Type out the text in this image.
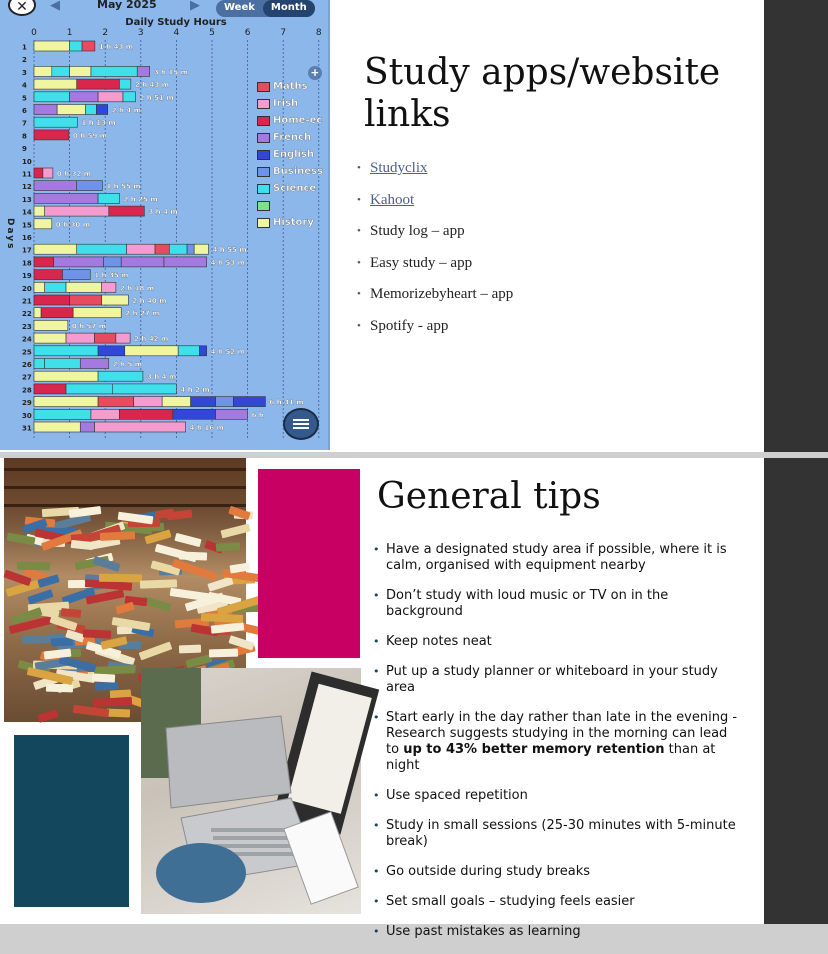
✕	◀	May 2025	▶	Week	Month
+
Daily Study Hours
0	1	2	3	4	5	6	7	8
Days
1	1 h 43 m
2
3	3 h 15 m
4	2 h 43 m
5	2 h 51 m
6	2 h 4 m
7	1 h 13 m
8	0 h 59 m
9
10
11	0 h 32 m
12	1 h 55 m
13	2 h 25 m
14	3 h 4 m
15	0 h 30 m
16
17	4 h 55 m
18	4 h 53 m
19	1 h 35 m
20	2 h 18 m
21	2 h 40 m
22	2 h 27 m
23	0 h 57 m
24	2 h 42 m
25	4 h 52 m
26	2 h 5 m
27	3 h 4 m
28	4 h 2 m
29	6 h 31 m
30	6 h
31	4 h 16 m
Maths
Irish
Home-ec
French
English
Business
Science
History
Study apps/website links
• Studyclix
• Kahoot
• Study log – app
• Easy study – app
• Memorizebyheart – app
• Spotify - app
General tips
• Have a designated study area if possible, where it is calm, organised with equipment nearby
• Don’t study with loud music or TV on in the background
• Keep notes neat
• Put up a study planner or whiteboard in your study area
• Start early in the day rather than late in the evening - Research suggests studying in the morning can lead to up to 43% better memory retention than at night
• Use spaced repetition
• Study in small sessions (25-30 minutes with 5-minute break)
• Go outside during study breaks
• Set small goals – studying feels easier
• Use past mistakes as learning
